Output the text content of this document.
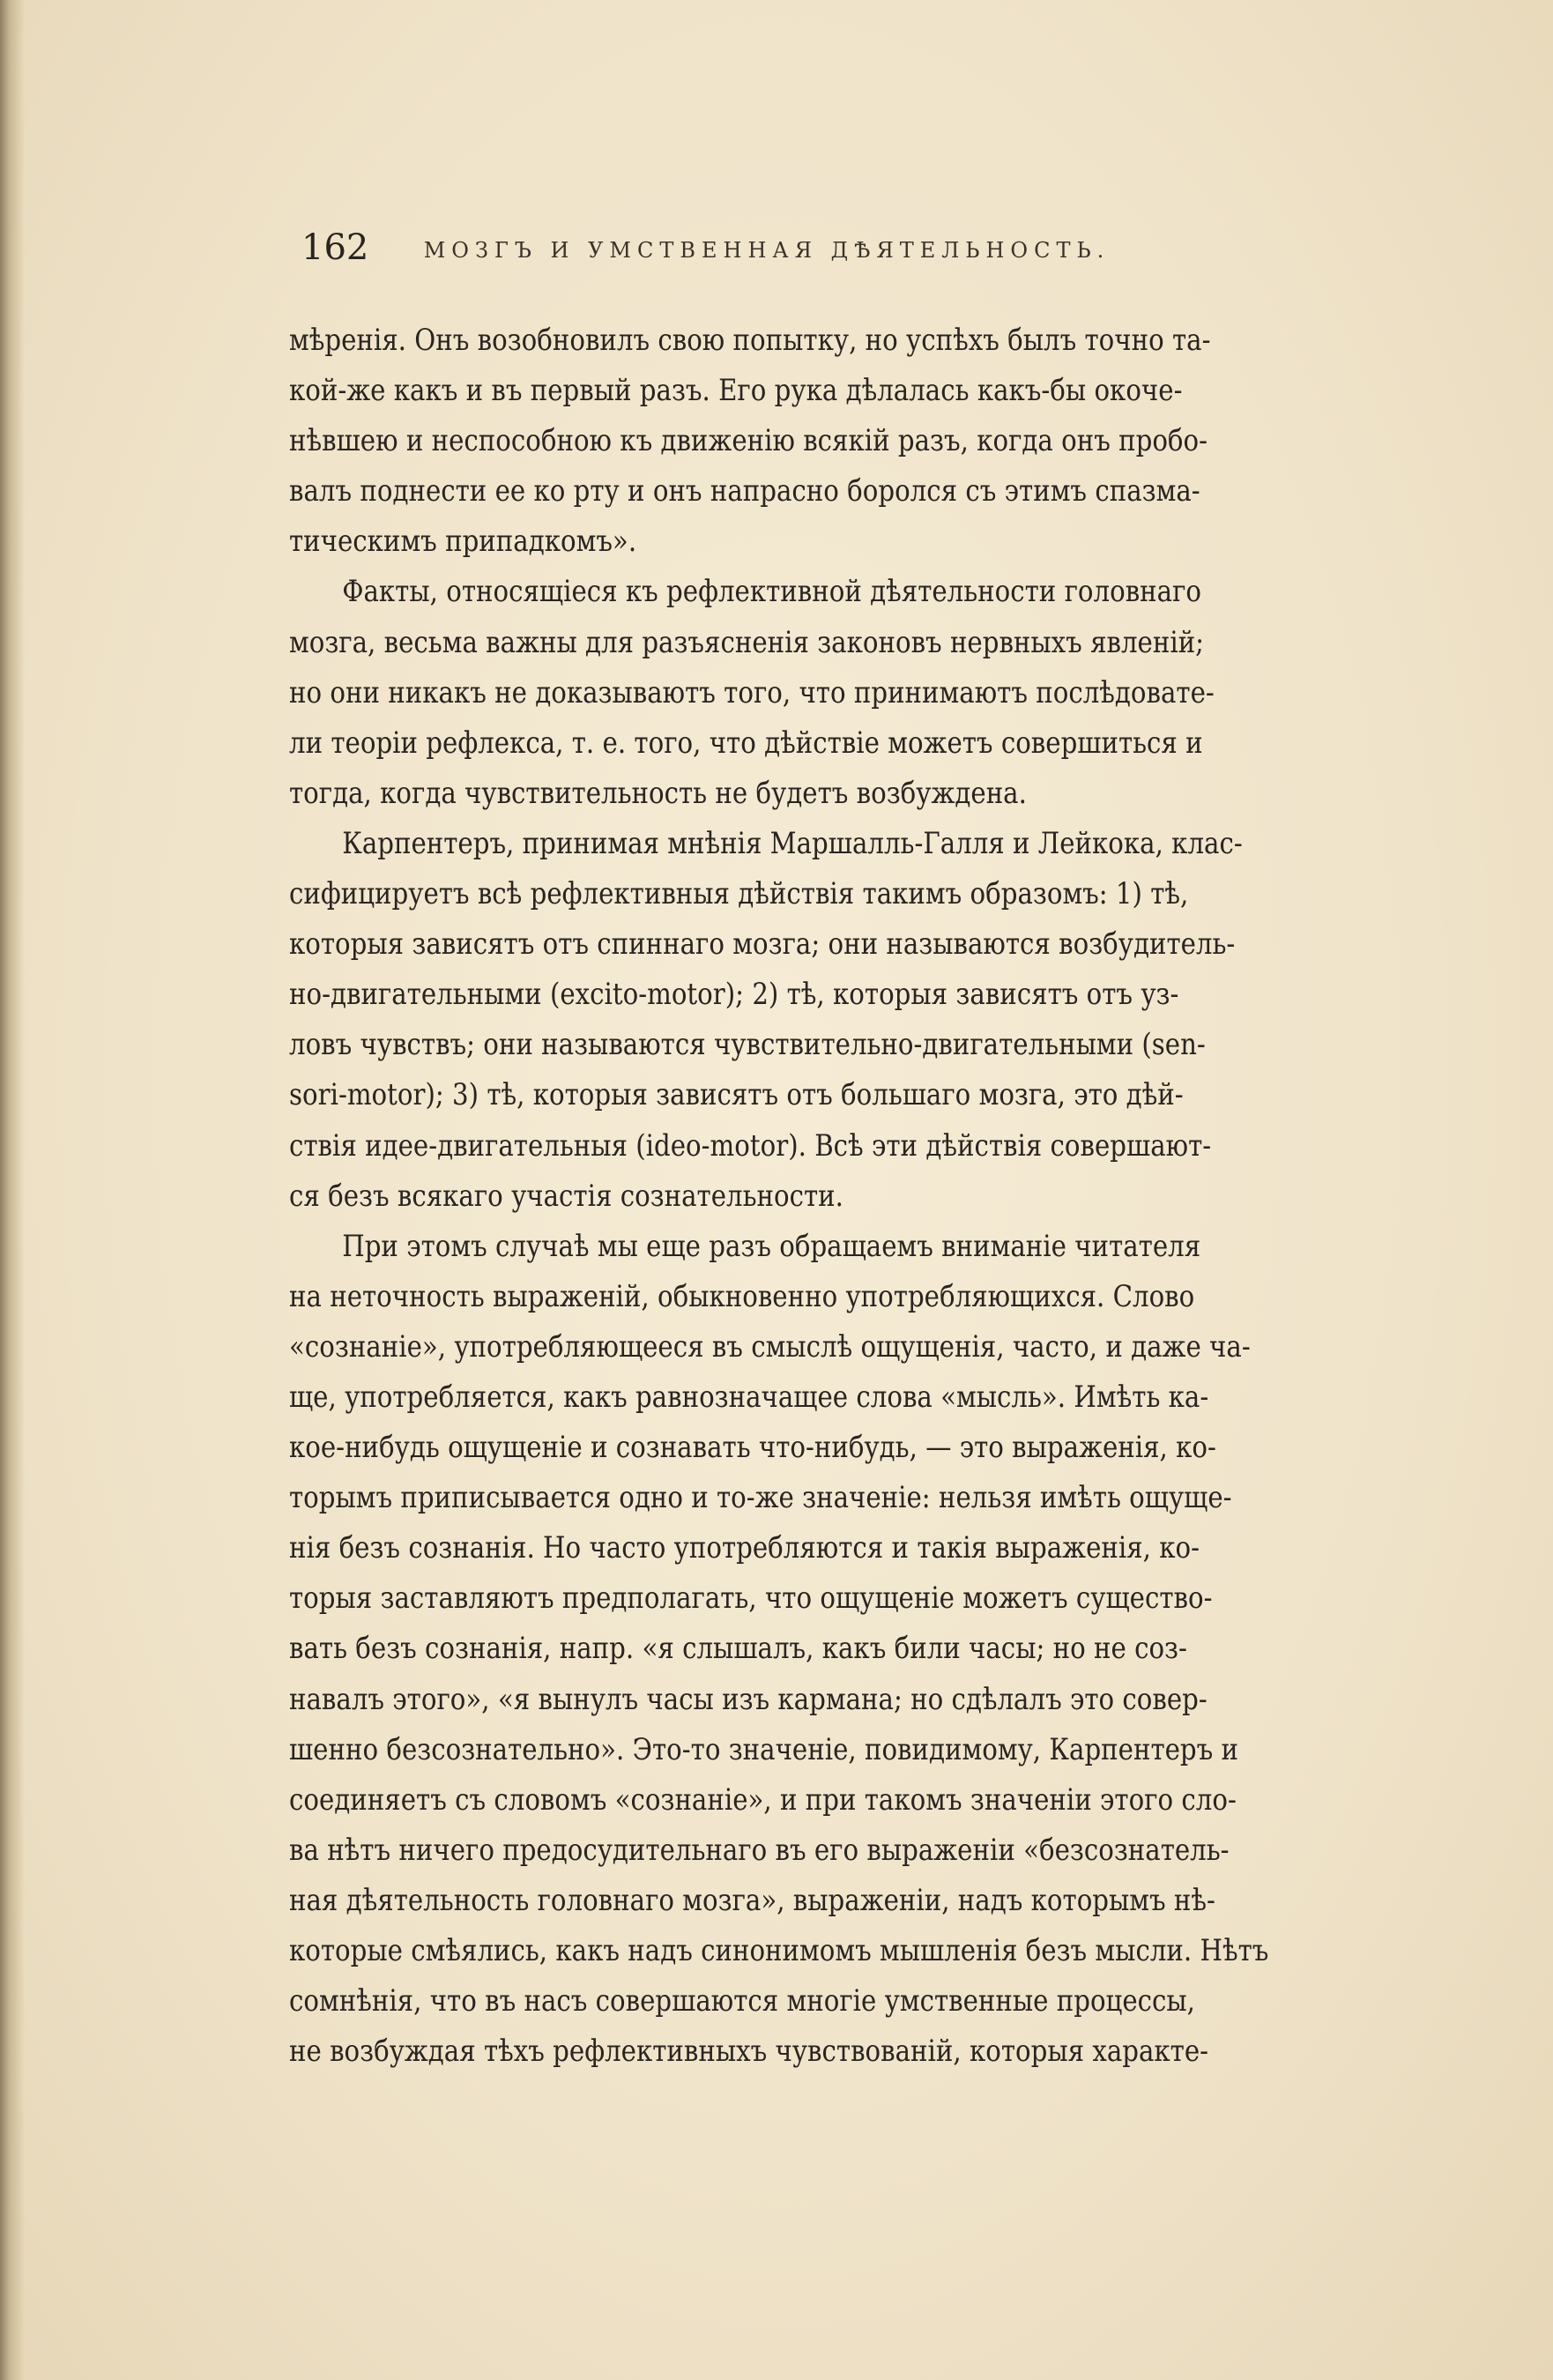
162	МОЗГЪ И УМСТВЕННАЯ ДѢЯТЕЛЬНОСТЬ.
мѣренія. Онъ возобновилъ свою попытку, но успѣхъ былъ точно та-
кой-же какъ и въ первый разъ. Его рука дѣлалась какъ-бы окоче-
нѣвшею и неспособною къ движенію всякій разъ, когда онъ пробо-
валъ поднести ее ко рту и онъ напрасно боролся съ этимъ спазма-
тическимъ припадкомъ».
Факты, относящіеся къ рефлективной дѣятельности головнаго
мозга, весьма важны для разъясненія законовъ нервныхъ явленій;
но они никакъ не доказываютъ того, что принимаютъ послѣдовате-
ли теоріи рефлекса, т. е. того, что дѣйствіе можетъ совершиться и
тогда, когда чувствительность не будетъ возбуждена.
Карпентеръ, принимая мнѣнія Маршалль-Галля и Лейкока, клас-
сифицируетъ всѣ рефлективныя дѣйствія такимъ образомъ: 1) тѣ,
которыя зависятъ отъ спиннаго мозга; они называются возбудитель-
но-двигательными (excito-motor); 2) тѣ, которыя зависятъ отъ уз-
ловъ чувствъ; они называются чувствительно-двигательными (sen-
sori-motor); 3) тѣ, которыя зависятъ отъ большаго мозга, это дѣй-
ствія идее-двигательныя (ideo-motor). Всѣ эти дѣйствія совершают-
ся безъ всякаго участія сознательности.
При этомъ случаѣ мы еще разъ обращаемъ вниманіе читателя
на неточность выраженій, обыкновенно употребляющихся. Слово
«сознаніе», употребляющееся въ смыслѣ ощущенія, часто, и даже ча-
ще, употребляется, какъ равнозначащее слова «мысль». Имѣть ка-
кое-нибудь ощущеніе и сознавать что-нибудь, — это выраженія, ко-
торымъ приписывается одно и то-же значеніе: нельзя имѣть ощуще-
нія безъ сознанія. Но часто употребляются и такія выраженія, ко-
торыя заставляютъ предполагать, что ощущеніе можетъ существо-
вать безъ сознанія, напр. «я слышалъ, какъ били часы; но не соз-
навалъ этого», «я вынулъ часы изъ кармана; но сдѣлалъ это совер-
шенно безсознательно». Это-то значеніе, повидимому, Карпентеръ и
соединяетъ съ словомъ «сознаніе», и при такомъ значеніи этого сло-
ва нѣтъ ничего предосудительнаго въ его выраженіи «безсознатель-
ная дѣятельность головнаго мозга», выраженіи, надъ которымъ нѣ-
которые смѣялись, какъ надъ синонимомъ мышленія безъ мысли. Нѣтъ
сомнѣнія, что въ насъ совершаются многіе умственные процессы,
не возбуждая тѣхъ рефлективныхъ чувствованій, которыя характе-
